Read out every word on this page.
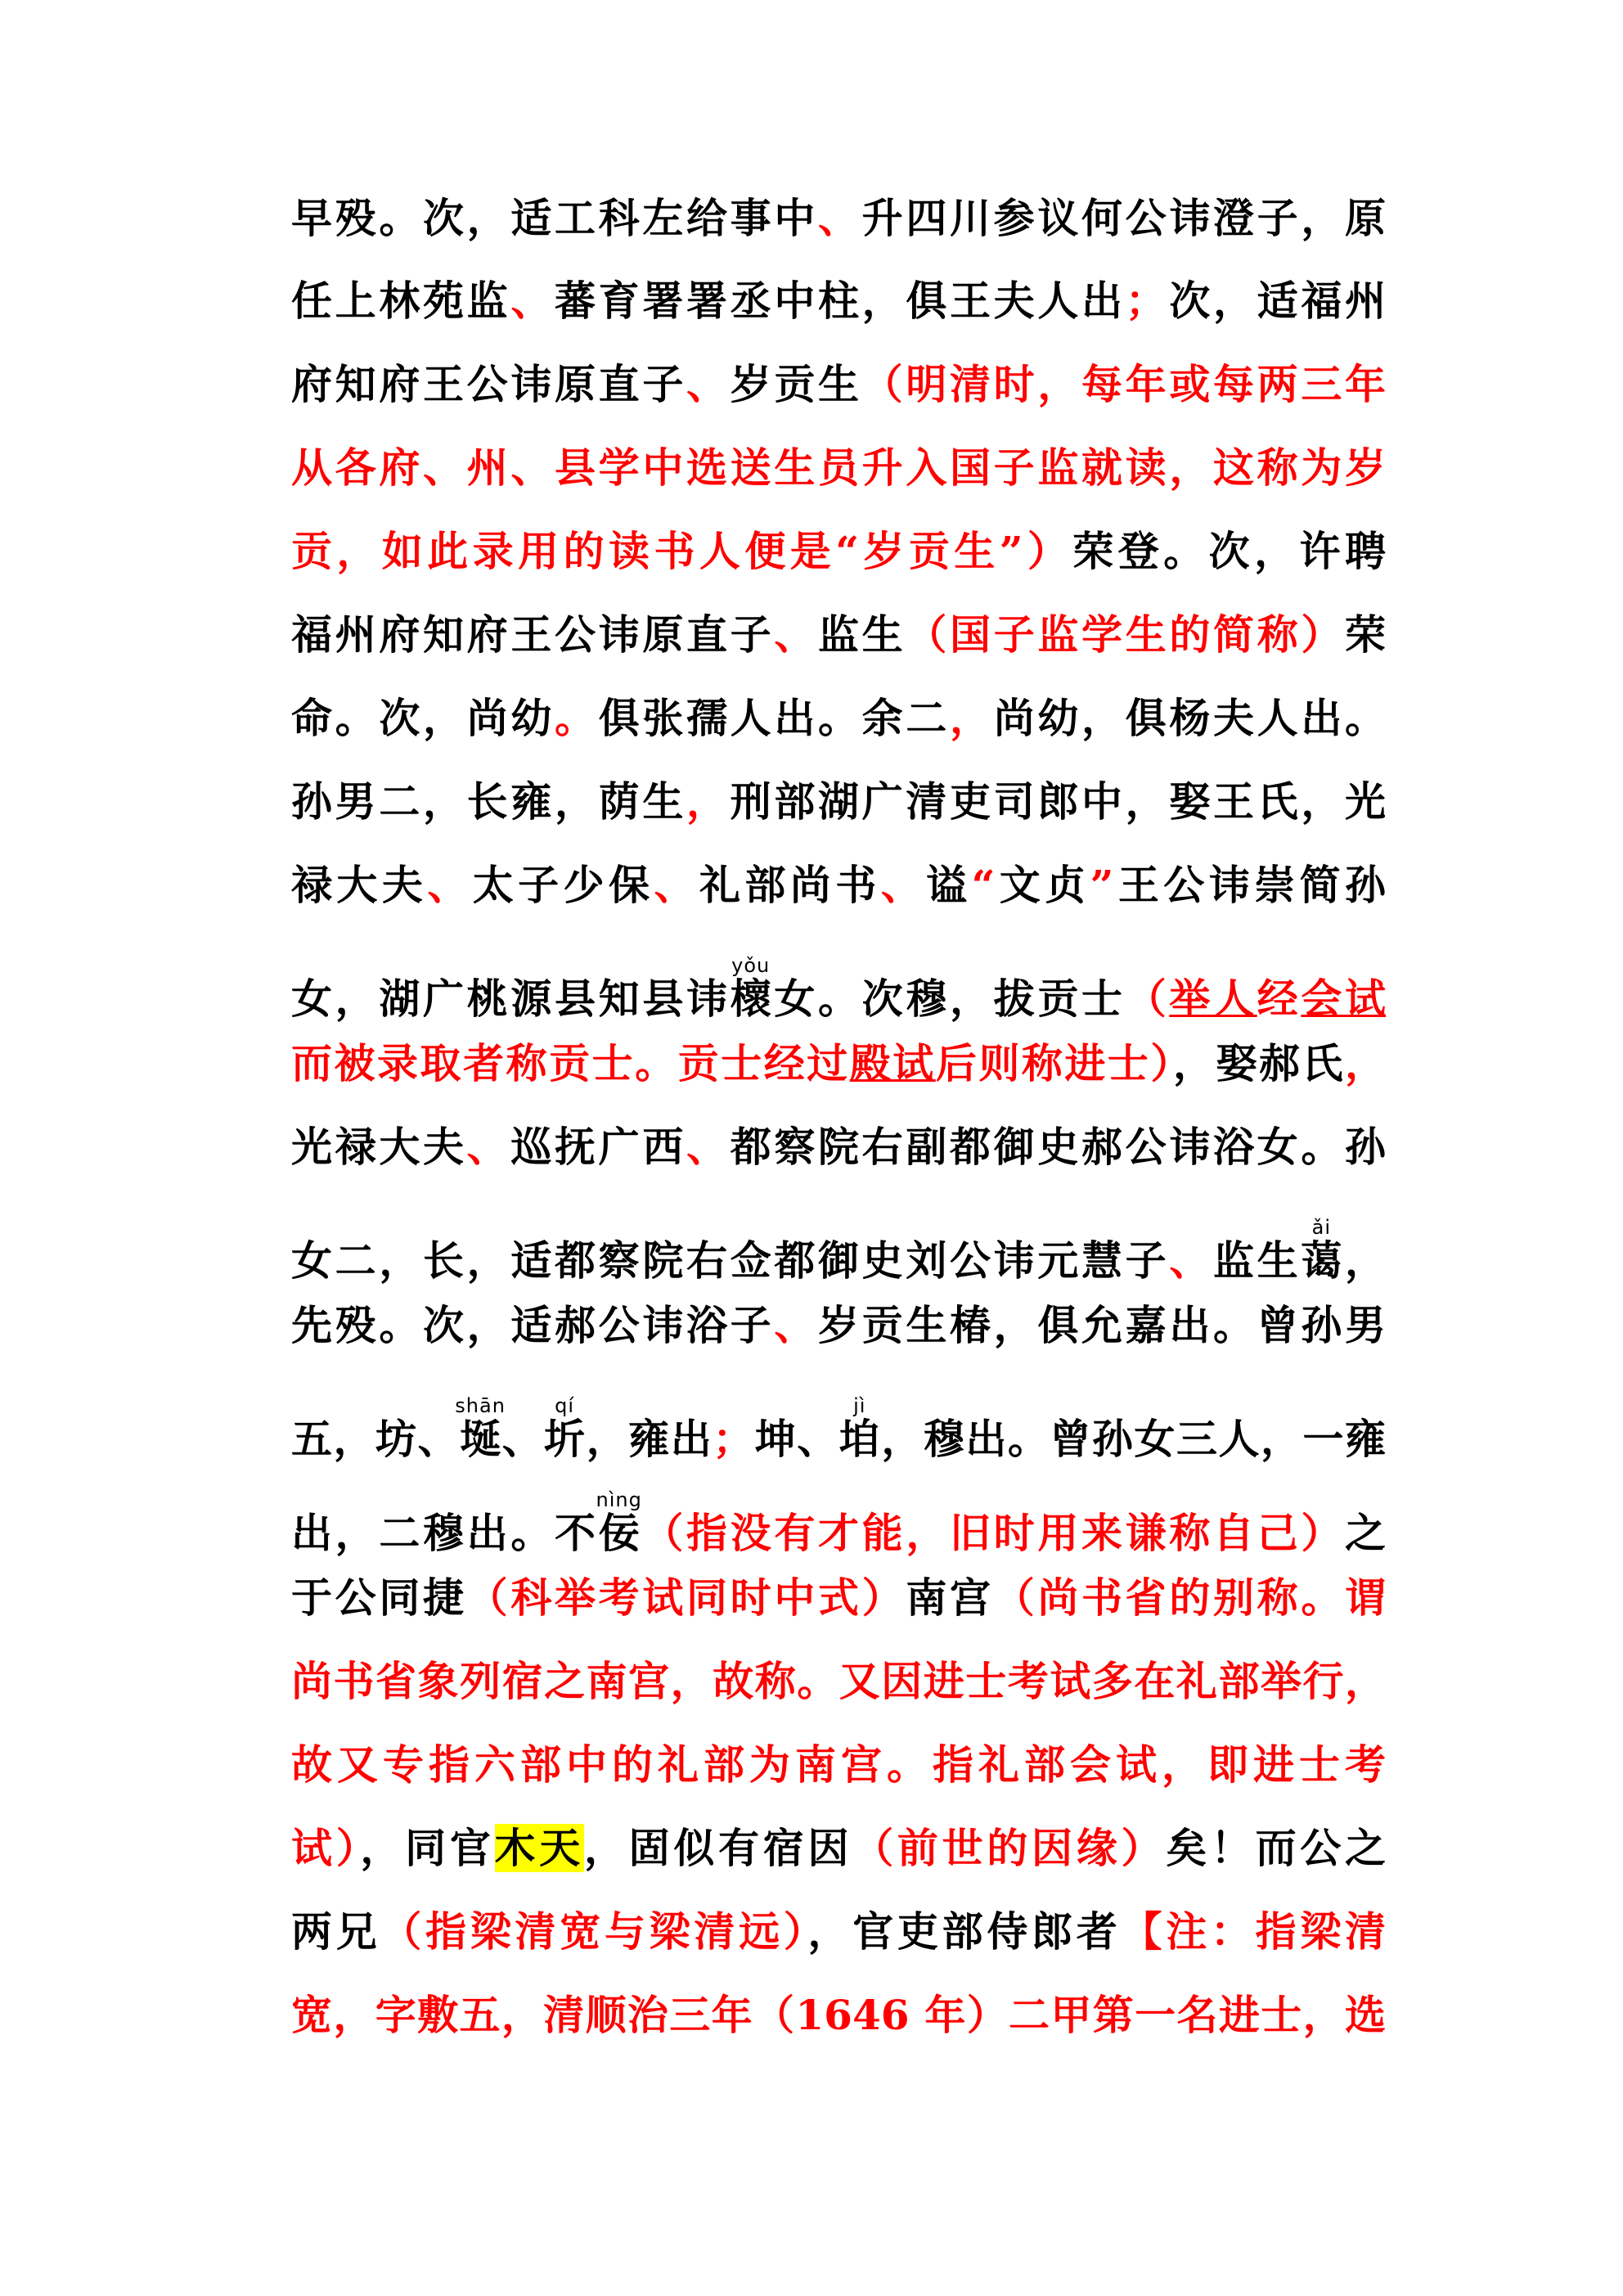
早殁。次，适工科左给事中、升四川参议何公讳澄子，原
任上林苑监、蕃育署署丞中柱，俱王夫人出；次，适福州
府知府王公讳原直子、岁贡生（明清时，每年或每两三年
从各府、州、县学中选送生员升入国子监就读，这称为岁
贡，如此录用的读书人便是“岁贡生”）荣登。次，许聘
福州府知府王公讳原直子、监生（国子监学生的简称）荣
命。次，尚幼。俱张孺人出。余二，尚幼，俱杨夫人出。
孙男二，长雍，荫生，刑部湖广清吏司郎中，娶王氏，光
禄大夫、太子少保、礼部尚书、谥“文贞”王公讳崇简孙
女，湖广桃源县知县讳櫰yǒu女。次穆，拔贡士（举人经会试
而被录取者称贡士。贡士经过殿试后则称进士），娶郝氏，
光禄大夫、巡抚广西、都察院右副都御史郝公讳浴女。孙
女二，长，适都察院右佥都御史刘公讳元慧子、监生蔼ǎi，
先殁。次，适郝公讳浴子、岁贡生椿，俱允嘉出。曾孙男
五，坊、埏shān、圻qí，雍出；坤、垍jì，穆出。曾孙女三人，一雍
出，二穆出。不佞nìng（指没有才能，旧时用来谦称自己）之
于公同捷（科举考试同时中式）南宫（尚书省的别称。谓
尚书省象列宿之南宫，故称。又因进士考试多在礼部举行，
故又专指六部中的礼部为南宫。指礼部会试，即进士考
试），同官木天，固似有宿因（前世的因缘）矣！而公之
两兄（指梁清宽与梁清远），官吏部侍郎者【注：指梁清
宽，字敷五，清顺治三年（1646 年）二甲第一名进士，选
